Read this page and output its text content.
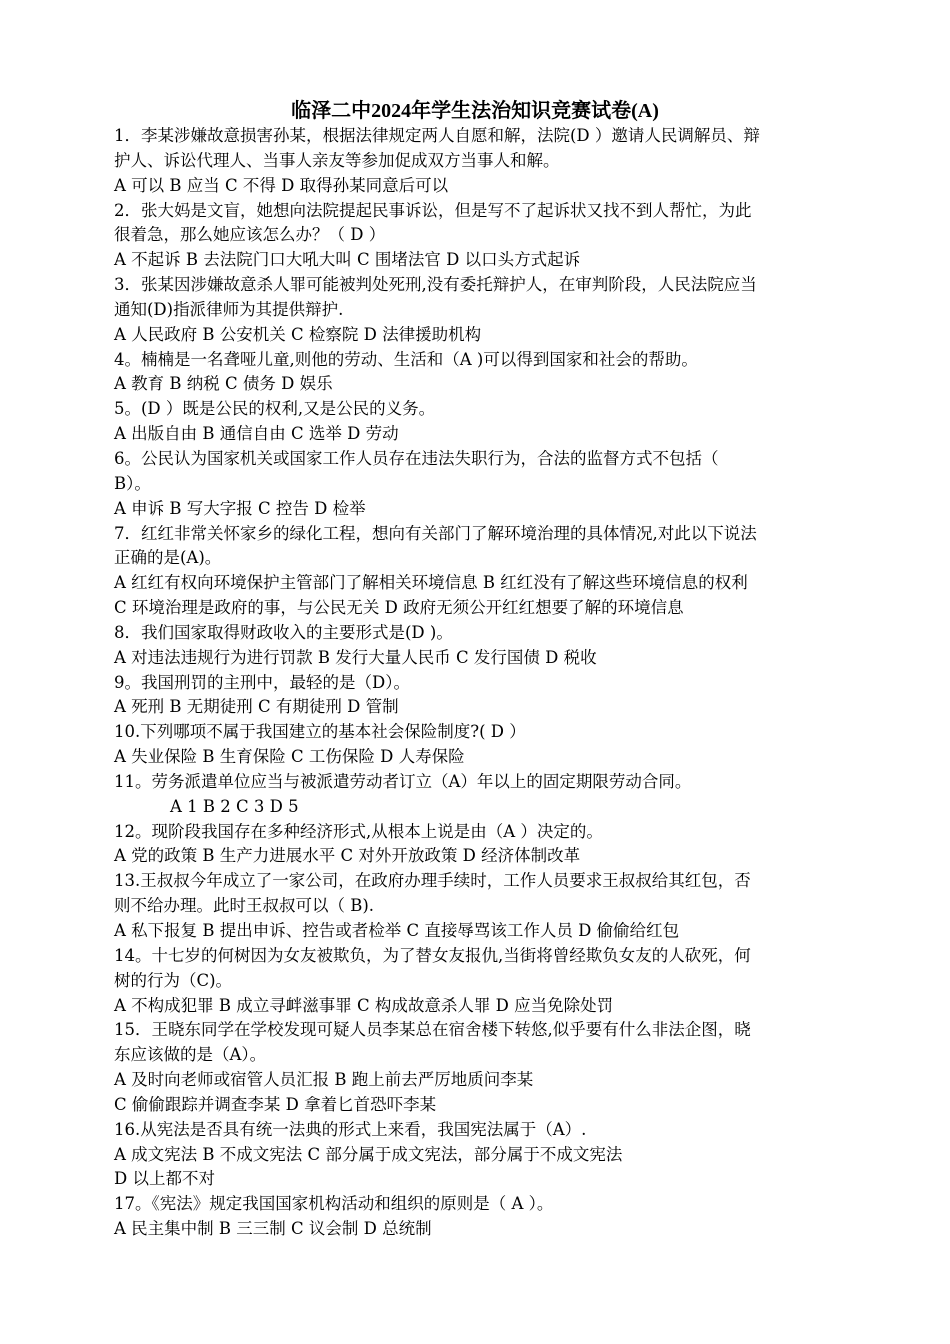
临泽二中2024年学生法治知识竞赛试卷(A)
1．李某涉嫌故意损害孙某，根据法律规定两人自愿和解，法院(D ）邀请人民调解员、辩
护人、诉讼代理人、当事人亲友等参加促成双方当事人和解。
A 可以 B 应当 C 不得 D 取得孙某同意后可以
2．张大妈是文盲，她想向法院提起民事诉讼，但是写不了起诉状又找不到人帮忙，为此
很着急，那么她应该怎么办？（ D ）
A 不起诉 B 去法院门口大吼大叫 C 围堵法官 D 以口头方式起诉
3．张某因涉嫌故意杀人罪可能被判处死刑,没有委托辩护人，在审判阶段，人民法院应当
通知(D)指派律师为其提供辩护.
A 人民政府 B 公安机关 C 检察院 D 法律援助机构
4。楠楠是一名聋哑儿童,则他的劳动、生活和（A )可以得到国家和社会的帮助。
A 教育 B 纳税 C 债务 D 娱乐
5。(D ）既是公民的权利,又是公民的义务。
A 出版自由 B 通信自由 C 选举 D 劳动
6。公民认为国家机关或国家工作人员存在违法失职行为，合法的监督方式不包括（
B）。
A 申诉 B 写大字报 C 控告 D 检举
7．红红非常关怀家乡的绿化工程，想向有关部门了解环境治理的具体情况,对此以下说法
正确的是(A)。
A 红红有权向环境保护主管部门了解相关环境信息 B 红红没有了解这些环境信息的权利
C 环境治理是政府的事，与公民无关 D 政府无须公开红红想要了解的环境信息
8．我们国家取得财政收入的主要形式是(D )。
A 对违法违规行为进行罚款 B 发行大量人民币 C 发行国债 D 税收
9。我国刑罚的主刑中，最轻的是（D）。
A 死刑 B 无期徒刑 C 有期徒刑 D 管制
10.下列哪项不属于我国建立的基本社会保险制度?( D ）
A 失业保险 B 生育保险 C 工伤保险 D 人寿保险
11。劳务派遣单位应当与被派遣劳动者订立（A）年以上的固定期限劳动合同。
A 1 B 2 C 3 D 5
12。现阶段我国存在多种经济形式,从根本上说是由（A ）决定的。
A 党的政策 B 生产力进展水平 C 对外开放政策 D 经济体制改革
13.王叔叔今年成立了一家公司，在政府办理手续时，工作人员要求王叔叔给其红包，否
则不给办理。此时王叔叔可以（ B).
A 私下报复 B 提出申诉、控告或者检举 C 直接辱骂该工作人员 D 偷偷给红包
14。十七岁的何树因为女友被欺负，为了替女友报仇,当街将曾经欺负女友的人砍死，何
树的行为（C)。
A 不构成犯罪 B 成立寻衅滋事罪 C 构成故意杀人罪 D 应当免除处罚
15．王晓东同学在学校发现可疑人员李某总在宿舍楼下转悠,似乎要有什么非法企图，晓
东应该做的是（A）。
A 及时向老师或宿管人员汇报 B 跑上前去严厉地质问李某
C 偷偷跟踪并调查李某 D 拿着匕首恐吓李某
16.从宪法是否具有统一法典的形式上来看，我国宪法属于（A）.
A 成文宪法 B 不成文宪法 C 部分属于成文宪法，部分属于不成文宪法
D 以上都不对
17。《宪法》规定我国国家机构活动和组织的原则是（ A ）。
A 民主集中制 B 三三制 C 议会制 D 总统制
